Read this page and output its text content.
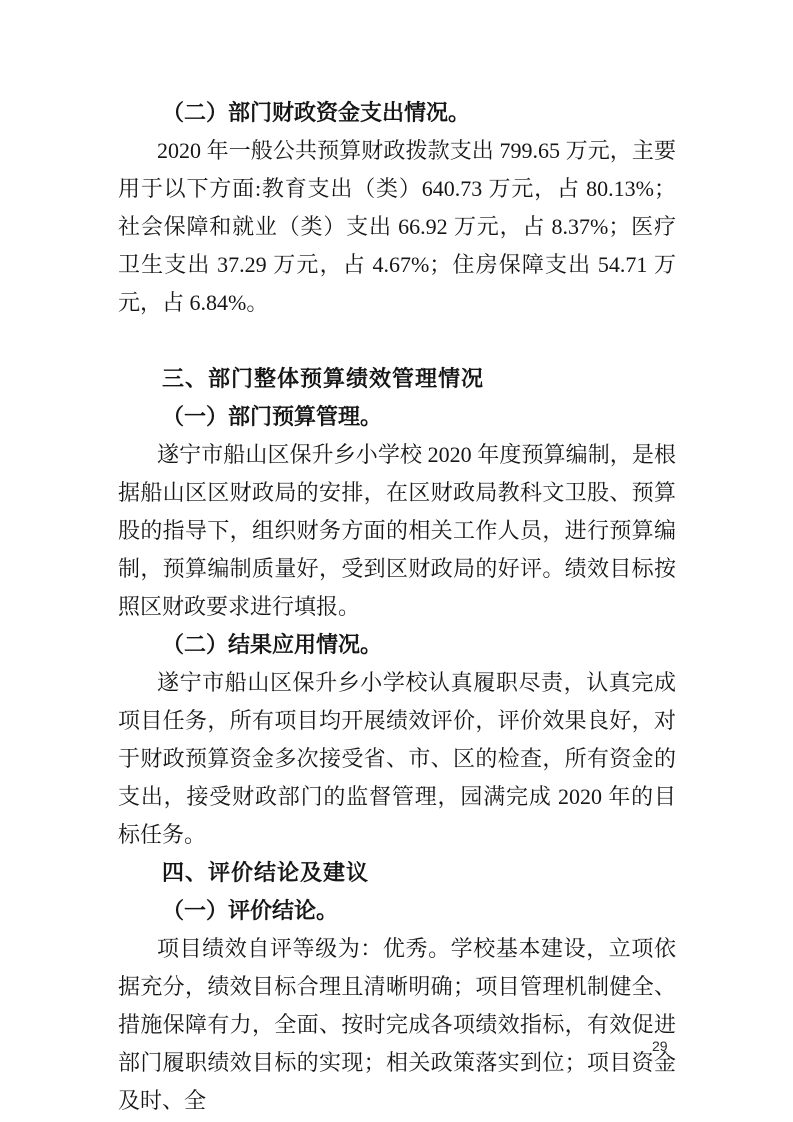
（二）部门财政资金支出情况。
2020 年一般公共预算财政拨款支出 799.65 万元，主要用于以下方面:教育支出（类）640.73 万元，占 80.13%；社会保障和就业（类）支出 66.92 万元，占 8.37%；医疗卫生支出 37.29 万元，占 4.67%；住房保障支出 54.71 万元，占 6.84%。
三、部门整体预算绩效管理情况
（一）部门预算管理。
遂宁市船山区保升乡小学校 2020 年度预算编制，是根据船山区区财政局的安排，在区财政局教科文卫股、预算股的指导下，组织财务方面的相关工作人员，进行预算编制，预算编制质量好，受到区财政局的好评。绩效目标按照区财政要求进行填报。
（二）结果应用情况。
遂宁市船山区保升乡小学校认真履职尽责，认真完成项目任务，所有项目均开展绩效评价，评价效果良好，对于财政预算资金多次接受省、市、区的检查，所有资金的支出，接受财政部门的监督管理，园满完成 2020 年的目标任务。
四、评价结论及建议
（一）评价结论。
项目绩效自评等级为：优秀。学校基本建设，立项依据充分，绩效目标合理且清晰明确；项目管理机制健全、措施保障有力，全面、按时完成各项绩效指标，有效促进部门履职绩效目标的实现；相关政策落实到位；项目资金及时、全
29
